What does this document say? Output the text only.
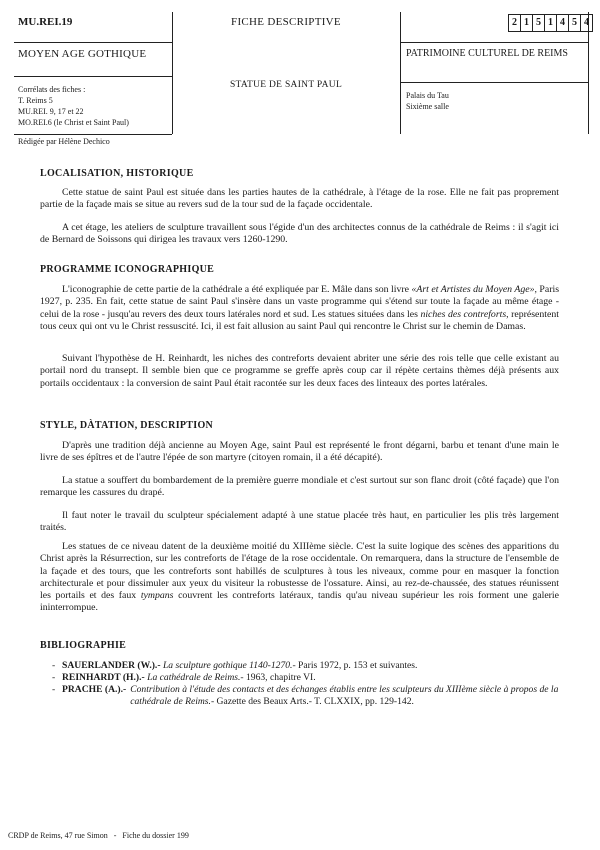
MU.REI.19
MOYEN AGE GOTHIQUE
Corrélats des fiches :
T. Reims 5
MU.REI. 9, 17 et 22
MO.REI.6 (le Christ et Saint Paul)
FICHE DESCRIPTIVE
STATUE DE SAINT PAUL
2 1 5 1 4 5 4
PATRIMOINE CULTUREL DE REIMS
Palais du Tau
Sixième salle
Rédigée par Hélène Dechico
LOCALISATION, HISTORIQUE

Cette statue de saint Paul est située dans les parties hautes de la cathédrale, à l'étage de la rose. Elle ne fait pas proprement partie de la façade mais se situe au revers sud de la tour sud de la façade occidentale.

A cet étage, les ateliers de sculpture travaillent sous l'égide d'un des architectes connus de la cathédrale de Reims : il s'agit ici de Bernard de Soissons qui dirigea les travaux vers 1260-1290.

PROGRAMME ICONOGRAPHIQUE

L'iconographie de cette partie de la cathédrale a été expliquée par E. Mâle dans son livre «Art et Artistes du Moyen Age», Paris 1927, p. 235. En fait, cette statue de saint Paul s'insère dans un vaste programme qui s'étend sur toute la façade au même étage - celui de la rose - jusqu'au revers des deux tours latérales nord et sud. Les statues situées dans les niches des contreforts, représentent tous ceux qui ont vu le Christ ressuscité. Ici, il est fait allusion au saint Paul qui rencontre le Christ sur le chemin de Damas.

Suivant l'hypothèse de H. Reinhardt, les niches des contreforts devaient abriter une série des rois telle que celle existant au portail nord du transept. Il semble bien que ce programme se greffe après coup car il répète certains thèmes déjà présents aux portails occidentaux : la conversion de saint Paul était racontée sur les deux faces des linteaux des portes latérales.

STYLE, DÀTATION, DESCRIPTION

D'après une tradition déjà ancienne au Moyen Age, saint Paul est représenté le front dégarni, barbu et tenant d'une main le livre de ses épîtres et de l'autre l'épée de son martyre (citoyen romain, il a été décapité).

La statue a souffert du bombardement de la première guerre mondiale et c'est surtout sur son flanc droit (côté façade) que l'on remarque les cassures du drapé.

Il faut noter le travail du sculpteur spécialement adapté à une statue placée très haut, en particulier les plis très largement traités.

Les statues de ce niveau datent de la deuxième moitié du XIIIème siècle. C'est la suite logique des scènes des apparitions du Christ après la Résurrection, sur les contreforts de l'étage de la rose occidentale. On remarquera, dans la structure de l'ensemble de la façade et des tours, que les contreforts sont habillés de sculptures à tous les niveaux, comme pour en masquer la fonction architecturale et pour dissimuler aux yeux du visiteur la robustesse de l'ossature. Ainsi, au rez-de-chaussée, des statues réunissent les portails et des faux tympans couvrent les contreforts latéraux, tandis qu'au niveau supérieur les rois forment une galerie ininterrompue.

BIBLIOGRAPHIE
- SAUERLANDER (W.).- La sculpture gothique 1140-1270.- Paris 1972, p. 153 et suivantes.
- REINHARDT (H.).- La cathédrale de Reims.- 1963, chapitre VI.
- PRACHE (A.).- Contribution à l'étude des contacts et des échanges établis entre les sculpteurs du XIIIème siècle à propos de la cathédrale de Reims.- Gazette des Beaux Arts.- T. CLXXIX, pp. 129-142.
CRDP de Reims, 47 rue Simon - Fiche du dossier 199
